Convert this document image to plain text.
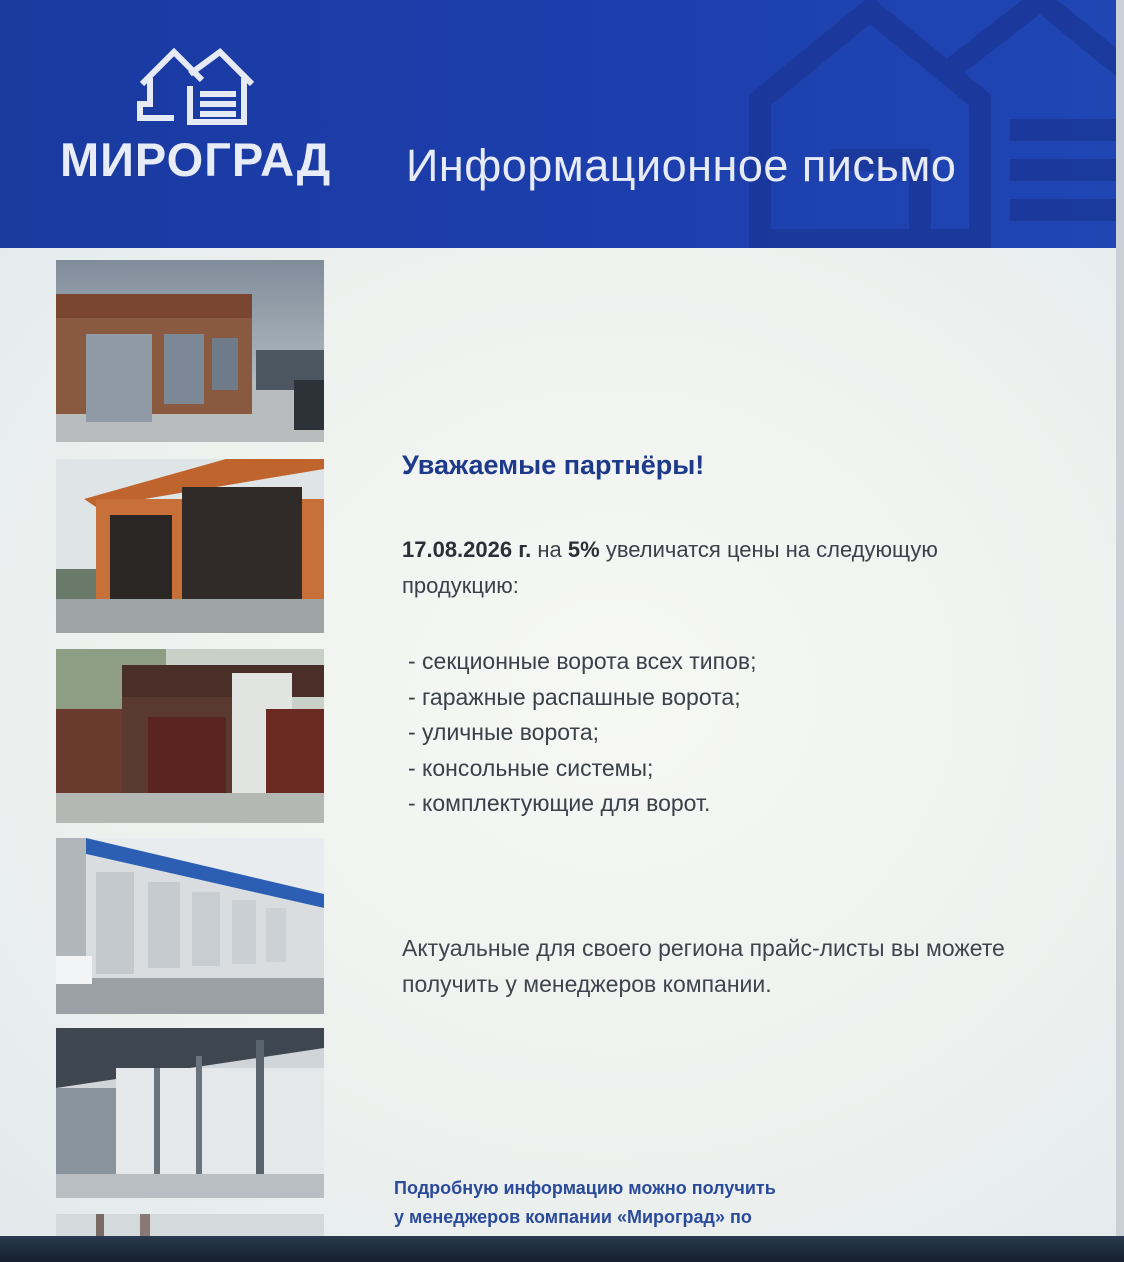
МИРОГРАД Информационное письмо
Уважаемые партнёры!
17.08.2026 г. на 5% увеличатся цены на следующую продукцию:
- секционные ворота всех типов;
- гаражные распашные ворота;
- уличные ворота;
- консольные системы;
- комплектующие для ворот.
Актуальные для своего региона прайс-листы вы можете получить у менеджеров компании.
Подробную информацию можно получить
у менеджеров компании «Мироград» по
